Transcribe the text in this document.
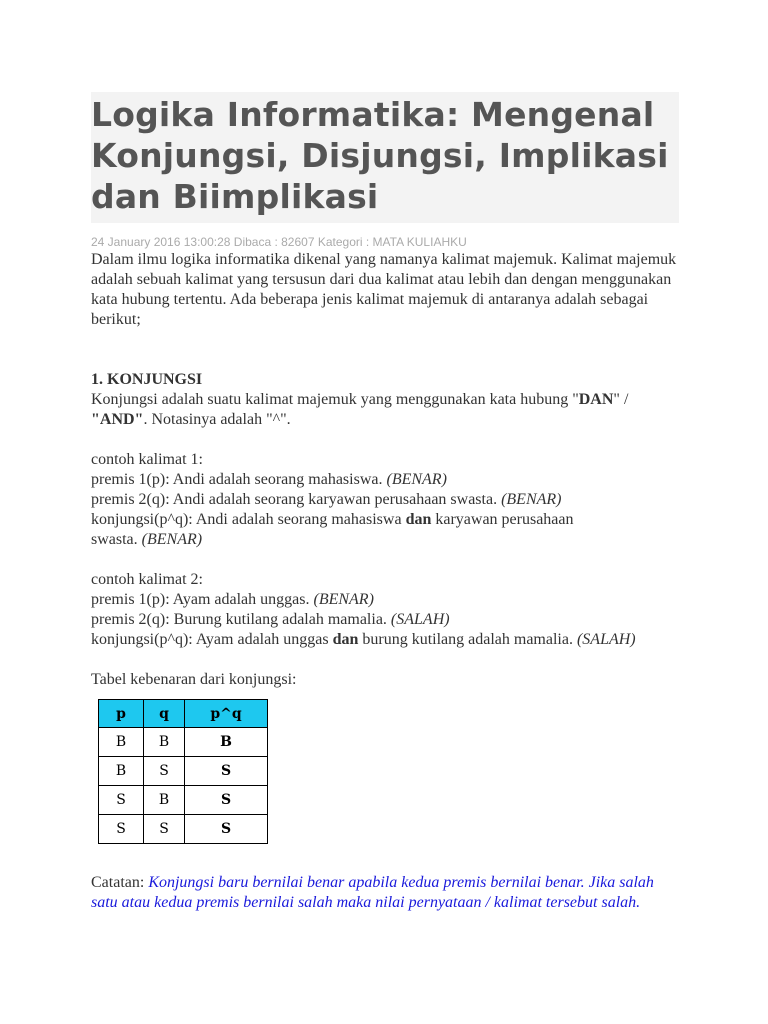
Logika Informatika: Mengenal Konjungsi, Disjungsi, Implikasi dan Biimplikasi
24 January 2016 13:00:28 Dibaca : 82607 Kategori : MATA KULIAHKU

Dalam ilmu logika informatika dikenal yang namanya kalimat majemuk. Kalimat majemuk adalah sebuah kalimat yang tersusun dari dua kalimat atau lebih dan dengan menggunakan kata hubung tertentu. Ada beberapa jenis kalimat majemuk di antaranya adalah sebagai berikut;

1. KONJUNGSI

Konjungsi adalah suatu kalimat majemuk yang menggunakan kata hubung "DAN" / "AND". Notasinya adalah "^".

contoh kalimat 1:

premis 1(p): Andi adalah seorang mahasiswa. (BENAR)

premis 2(q): Andi adalah seorang karyawan perusahaan swasta. (BENAR)

konjungsi(p^q): Andi adalah seorang mahasiswa dan karyawan perusahaan
swasta. (BENAR)

contoh kalimat 2:

premis 1(p): Ayam adalah unggas. (BENAR)

premis 2(q): Burung kutilang adalah mamalia. (SALAH)

konjungsi(p^q): Ayam adalah unggas dan burung kutilang adalah mamalia. (SALAH)

Tabel kebenaran dari konjungsi:

p	q	p^q
B	B	B
B	S	S
S	B	S
S	S	S

Catatan: Konjungsi baru bernilai benar apabila kedua premis bernilai benar. Jika salah satu atau kedua premis bernilai salah maka nilai pernyataan / kalimat tersebut salah.
